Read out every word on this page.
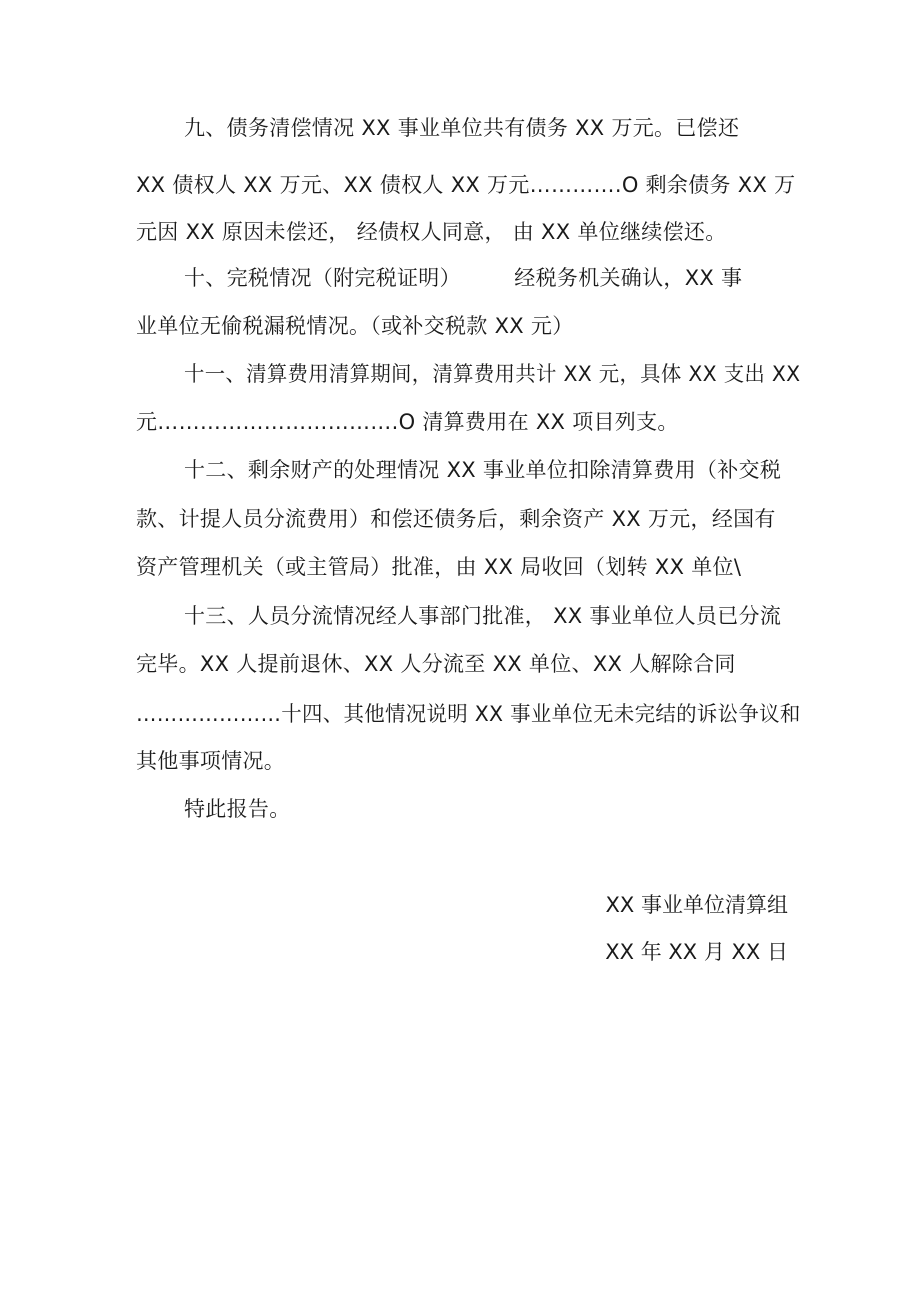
九、债务清偿情况 XX 事业单位共有债务 XX 万元。已偿还
XX 债权人 XX 万元、XX 债权人 XX 万元………….O 剩余债务 XX 万
元因 XX 原因未偿还， 经债权人同意， 由 XX 单位继续偿还。
十、完税情况（附完税证明）　　　经税务机关确认，XX 事
业单位无偷税漏税情况。（或补交税款 XX 元）
十一、清算费用清算期间，清算费用共计 XX 元，具体 XX 支出 XX
元…………………………….O 清算费用在 XX 项目列支。
十二、剩余财产的处理情况 XX 事业单位扣除清算费用（补交税
款、计提人员分流费用）和偿还债务后，剩余资产 XX 万元，经国有
资产管理机关（或主管局）批准，由 XX 局收回（划转 XX 单位\
十三、人员分流情况经人事部门批准， XX 事业单位人员已分流
完毕。XX 人提前退休、XX 人分流至 XX 单位、XX 人解除合同
…………………十四、其他情况说明 XX 事业单位无未完结的诉讼争议和
其他事项情况。
特此报告。
XX 事业单位清算组
XX 年 XX 月 XX 日
